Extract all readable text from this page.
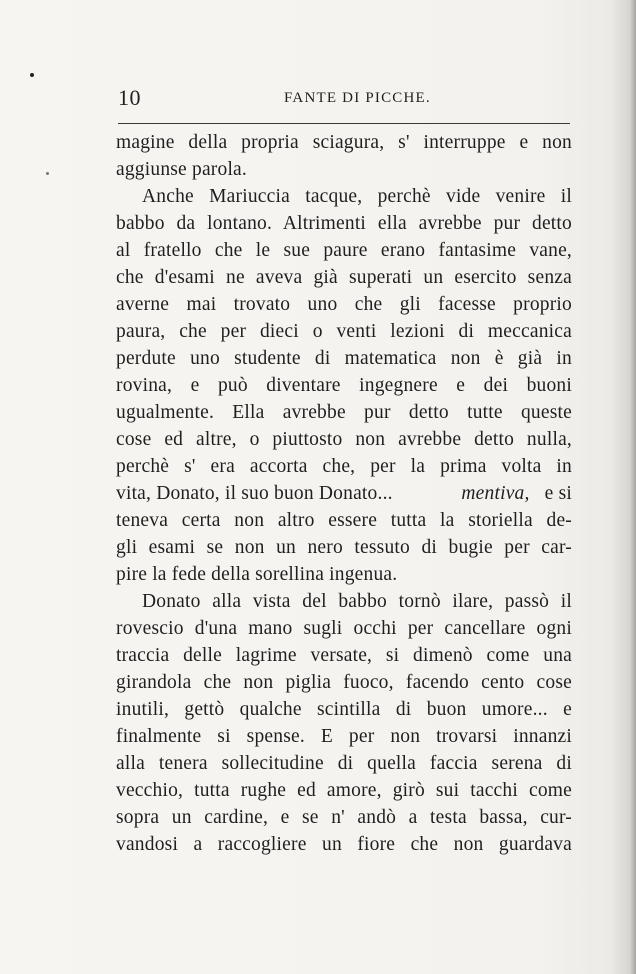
10	FANTE DI PICCHE.
magine della propria sciagura, s' interruppe e non
aggiunse parola.
Anche Mariuccia tacque, perchè vide venire il
babbo da lontano. Altrimenti ella avrebbe pur detto
al fratello che le sue paure erano fantasime vane,
che d'esami ne aveva già superati un esercito senza
averne mai trovato uno che gli facesse proprio
paura, che per dieci o venti lezioni di meccanica
perdute uno studente di matematica non è già in
rovina, e può diventare ingegnere e dei buoni
ugualmente. Ella avrebbe pur detto tutte queste
cose ed altre, o piuttosto non avrebbe detto nulla,
perchè s' era accorta che, per la prima volta in
vita, Donato, il suo buon Donato...	mentiva, e si
teneva certa non altro essere tutta la storiella de-
gli esami se non un nero tessuto di bugie per car-
pire la fede della sorellina ingenua.
Donato alla vista del babbo tornò ilare, passò il
rovescio d'una mano sugli occhi per cancellare ogni
traccia delle lagrime versate, si dimenò come una
girandola che non piglia fuoco, facendo cento cose
inutili, gettò qualche scintilla di buon umore... e
finalmente si spense. E per non trovarsi innanzi
alla tenera sollecitudine di quella faccia serena di
vecchio, tutta rughe ed amore, girò sui tacchi come
sopra un cardine, e se n' andò a testa bassa, cur-
vandosi a raccogliere un fiore che non guardava
